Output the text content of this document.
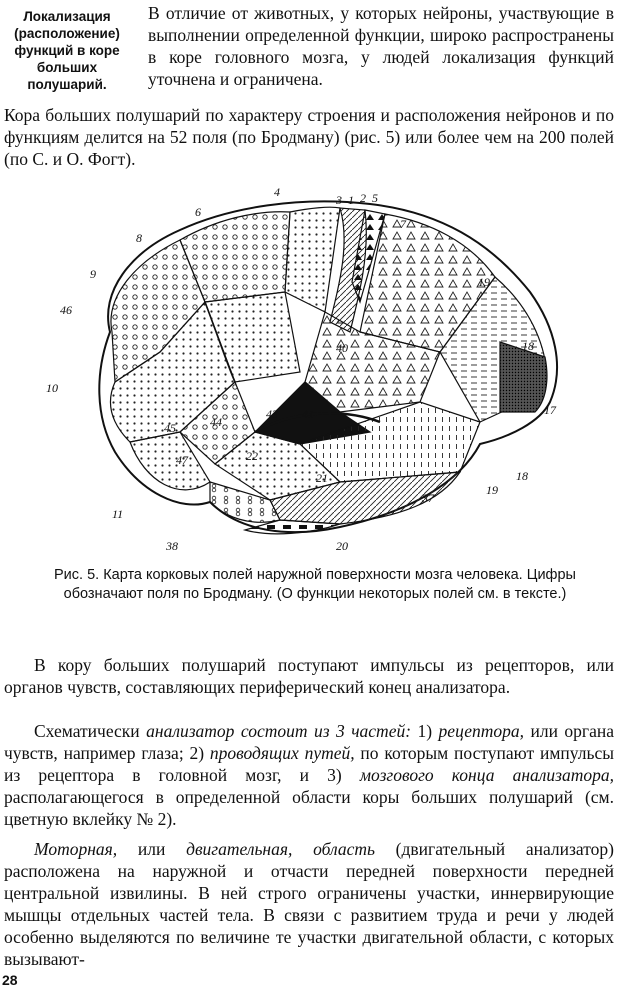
Локализация (расположение) функций в коре больших полушарий.
В отличие от животных, у которых нейроны, участвующие в выполнении определенной функции, широко распространены в коре головного мозга, у людей локализация функций уточнена и ограничена.
Кора больших полушарий по характеру строения и расположения нейронов и по функциям делится на 52 поля (по Бродману) (рис. 5) или более чем на 200 полей (по С. и О. Фогт).
4
6
3 1 2 5
7
8
9
46
19
40	18
10
43 41	17
45	44
22
18
47
21
19
37
11
38	20
Рис. 5. Карта корковых полей наружной поверхности мозга человека. Цифры обозначают поля по Бродману. (О функции некоторых полей см. в тексте.)
В кору больших полушарий поступают импульсы из рецепторов, или органов чувств, составляющих периферический конец анализатора.
Схематически анализатор состоит из 3 частей: 1) рецептора, или органа чувств, например глаза; 2) проводящих путей, по которым поступают импульсы из рецептора в головной мозг, и 3) мозгового конца анализатора, располагающегося в определенной области коры больших полушарий (см. цветную вклейку № 2).
Моторная, или двигательная, область (двигательный анализатор) расположена на наружной и отчасти передней поверхности передней центральной извилины. В ней строго ограничены участки, иннервирующие мышцы отдельных частей тела. В связи с развитием труда и речи у людей особенно выделяются по величине те участки двигательной области, с которых вызывают-
28
